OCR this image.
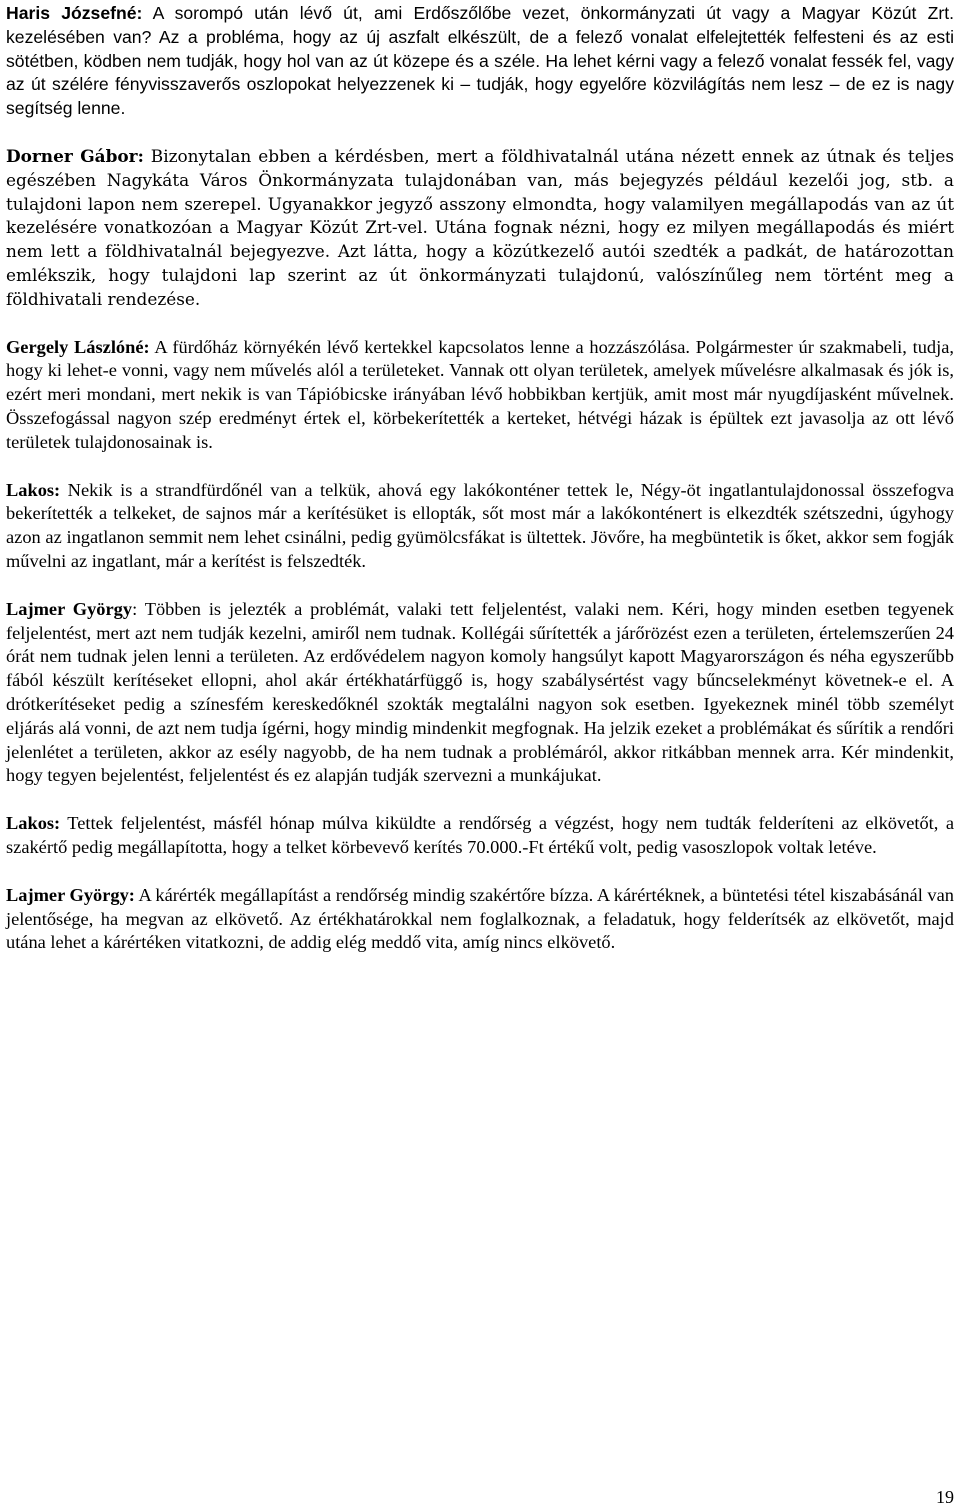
Haris Józsefné: A sorompó után lévő út, ami Erdőszőlőbe vezet, önkormányzati út vagy a Magyar Közút Zrt. kezelésében van? Az a probléma, hogy az új aszfalt elkészült, de a felező vonalat elfelejtették felfesteni és az esti sötétben, ködben nem tudják, hogy hol van az út közepe és a széle. Ha lehet kérni vagy a felező vonalat fessék fel, vagy az út szélére fényvisszaverős oszlopokat helyezzenek ki – tudják, hogy egyelőre közvilágítás nem lesz – de ez is nagy segítség lenne.

Dorner Gábor: Bizonytalan ebben a kérdésben, mert a földhivatalnál utána nézett ennek az útnak és teljes egészében Nagykáta Város Önkormányzata tulajdonában van, más bejegyzés például kezelői jog, stb. a tulajdoni lapon nem szerepel. Ugyanakkor jegyző asszony elmondta, hogy valamilyen megállapodás van az út kezelésére vonatkozóan a Magyar Közút Zrt-vel. Utána fognak nézni, hogy ez milyen megállapodás és miért nem lett a földhivatalnál bejegyezve. Azt látta, hogy a közútkezelő autói szedték a padkát, de határozottan emlékszik, hogy tulajdoni lap szerint az út önkormányzati tulajdonú, valószínűleg nem történt meg a földhivatali rendezése.

Gergely Lászlóné: A fürdőház környékén lévő kertekkel kapcsolatos lenne a hozzászólása. Polgármester úr szakmabeli, tudja, hogy ki lehet-e vonni, vagy nem művelés alól a területeket. Vannak ott olyan területek, amelyek művelésre alkalmasak és jók is, ezért meri mondani, mert nekik is van Tápióbicske irányában lévő hobbikban kertjük, amit most már nyugdíjasként művelnek. Összefogással nagyon szép eredményt értek el, körbekerítették a kerteket, hétvégi házak is épültek ezt javasolja az ott lévő területek tulajdonosainak is.

Lakos: Nekik is a strandfürdőnél van a telkük, ahová egy lakókonténer tettek le, Négy-öt ingatlantulajdonossal összefogva bekerítették a telkeket, de sajnos már a kerítésüket is ellopták, sőt most már a lakókonténert is elkezdték szétszedni, úgyhogy azon az ingatlanon semmit nem lehet csinálni, pedig gyümölcsfákat is ültettek. Jövőre, ha megbüntetik is őket, akkor sem fogják művelni az ingatlant, már a kerítést is felszedték.

Lajmer György: Többen is jelezték a problémát, valaki tett feljelentést, valaki nem. Kéri, hogy minden esetben tegyenek feljelentést, mert azt nem tudják kezelni, amiről nem tudnak. Kollégái sűrítették a járőrözést ezen a területen, értelemszerűen 24 órát nem tudnak jelen lenni a területen. Az erdővédelem nagyon komoly hangsúlyt kapott Magyarországon és néha egyszerűbb fából készült kerítéseket ellopni, ahol akár értékhatárfüggő is, hogy szabálysértést vagy bűncselekményt követnek-e el. A drótkerítéseket pedig a színesfém kereskedőknél szokták megtalálni nagyon sok esetben. Igyekeznek minél több személyt eljárás alá vonni, de azt nem tudja ígérni, hogy mindig mindenkit megfognak. Ha jelzik ezeket a problémákat és sűrítik a rendőri jelenlétet a területen, akkor az esély nagyobb, de ha nem tudnak a problémáról, akkor ritkábban mennek arra. Kér mindenkit, hogy tegyen bejelentést, feljelentést és ez alapján tudják szervezni a munkájukat.

Lakos: Tettek feljelentést, másfél hónap múlva kiküldte a rendőrség a végzést, hogy nem tudták felderíteni az elkövetőt, a szakértő pedig megállapította, hogy a telket körbevevő kerítés 70.000.-Ft értékű volt, pedig vasoszlopok voltak letéve.

Lajmer György: A kárérték megállapítást a rendőrség mindig szakértőre bízza. A kárértéknek, a büntetési tétel kiszabásánál van jelentősége, ha megvan az elkövető. Az értékhatárokkal nem foglalkoznak, a feladatuk, hogy felderítsék az elkövetőt, majd utána lehet a kárértéken vitatkozni, de addig elég meddő vita, amíg nincs elkövető.

19
